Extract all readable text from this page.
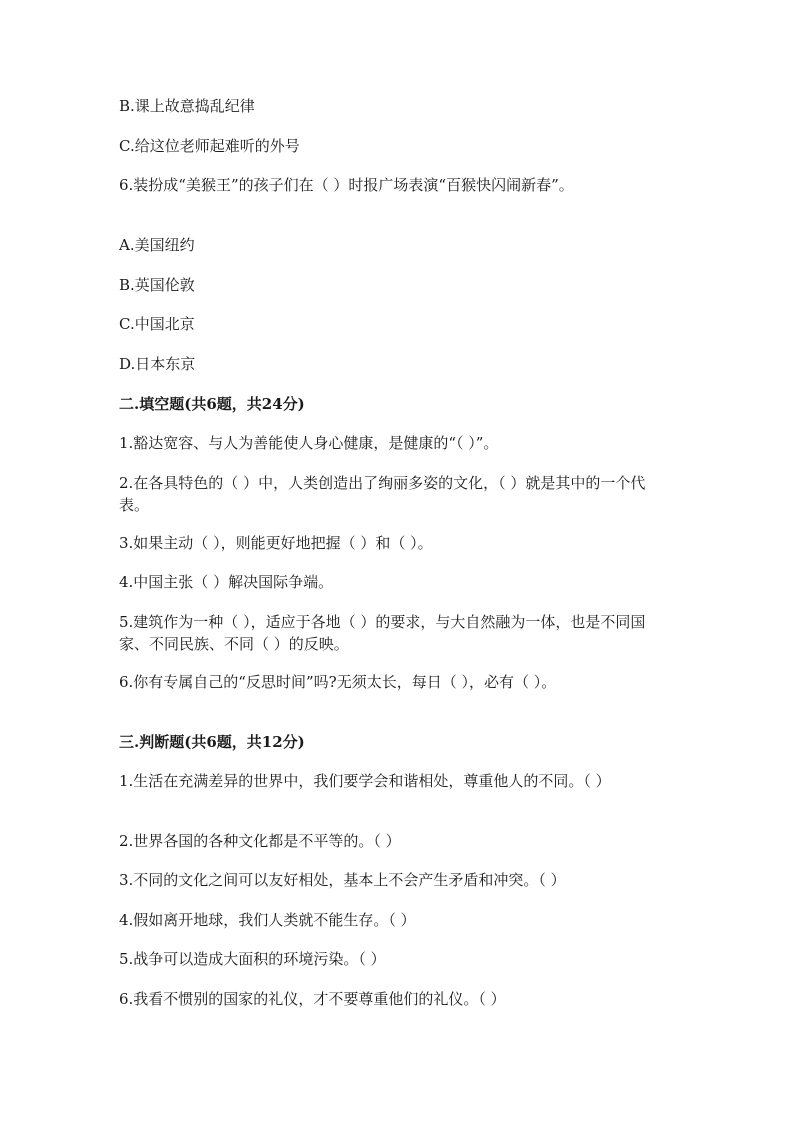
B.课上故意捣乱纪律

C.给这位老师起难听的外号

6.装扮成“美猴王”的孩子们在（ ）时报广场表演“百猴快闪闹新春”。

A.美国纽约

B.英国伦敦

C.中国北京

D.日本东京

二.填空题(共6题，共24分)

1.豁达宽容、与人为善能使人身心健康，是健康的“（ ）”。

2.在各具特色的（ ）中，人类创造出了绚丽多姿的文化，（ ）就是其中的一个代表。

3.如果主动（ ），则能更好地把握（ ）和（ ）。

4.中国主张（ ）解决国际争端。

5.建筑作为一种（ ），适应于各地（ ）的要求，与大自然融为一体，也是不同国家、不同民族、不同（ ）的反映。

6.你有专属自己的“反思时间”吗?无须太长，每日（ ），必有（ ）。

三.判断题(共6题，共12分)

1.生活在充满差异的世界中，我们要学会和谐相处，尊重他人的不同。（ ）

2.世界各国的各种文化都是不平等的。（ ）

3.不同的文化之间可以友好相处，基本上不会产生矛盾和冲突。（ ）

4.假如离开地球，我们人类就不能生存。（ ）

5.战争可以造成大面积的环境污染。（ ）

6.我看不惯别的国家的礼仪，才不要尊重他们的礼仪。（ ）
